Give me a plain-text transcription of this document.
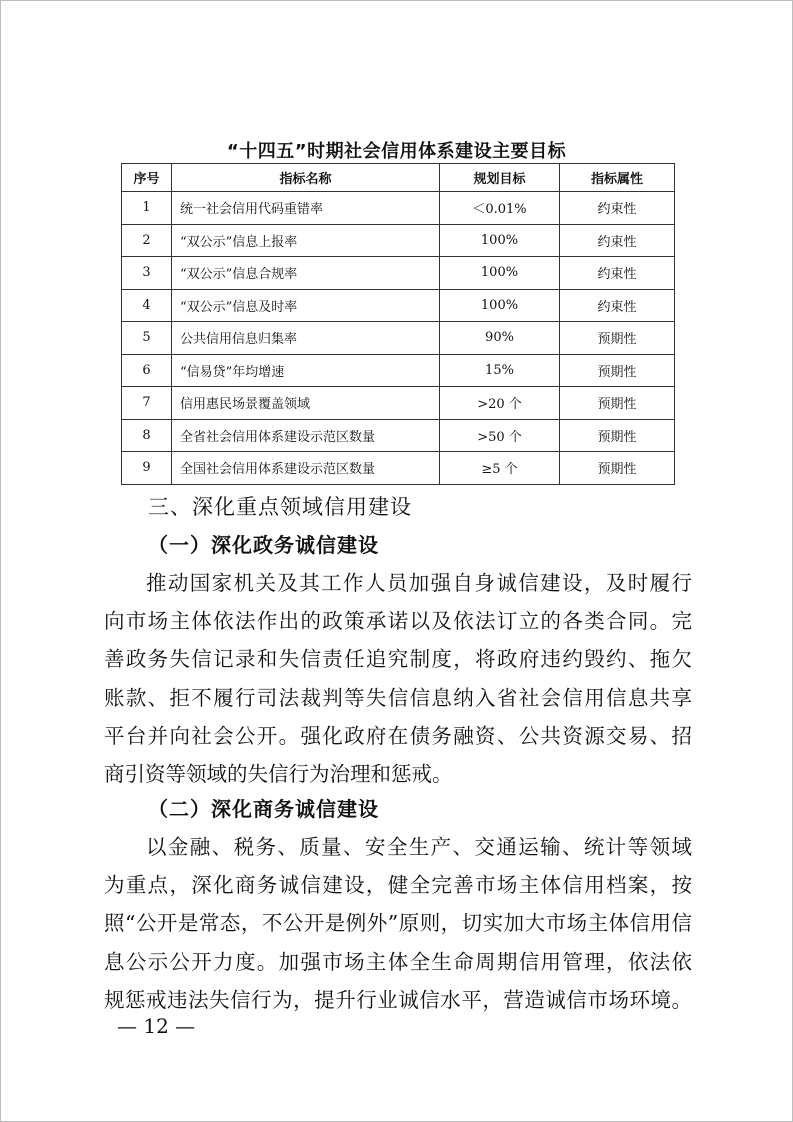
“十四五”时期社会信用体系建设主要目标
序号	指标名称	规划目标	指标属性
1	统一社会信用代码重错率	＜0.01%	约束性
2	“双公示”信息上报率	100%	约束性
3	“双公示”信息合规率	100%	约束性
4	“双公示”信息及时率	100%	约束性
5	公共信用信息归集率	90%	预期性
6	“信易贷”年均增速	15%	预期性
7	信用惠民场景覆盖领域	>20 个	预期性
8	全省社会信用体系建设示范区数量	>50 个	预期性
9	全国社会信用体系建设示范区数量	≥5 个	预期性
三、深化重点领域信用建设
（一）深化政务诚信建设
推动国家机关及其工作人员加强自身诚信建设，及时履行
向市场主体依法作出的政策承诺以及依法订立的各类合同。完
善政务失信记录和失信责任追究制度，将政府违约毁约、拖欠
账款、拒不履行司法裁判等失信信息纳入省社会信用信息共享
平台并向社会公开。强化政府在债务融资、公共资源交易、招
商引资等领域的失信行为治理和惩戒。
（二）深化商务诚信建设
以金融、税务、质量、安全生产、交通运输、统计等领域
为重点，深化商务诚信建设，健全完善市场主体信用档案，按
照“公开是常态，不公开是例外”原则，切实加大市场主体信用信
息公示公开力度。加强市场主体全生命周期信用管理，依法依
规惩戒违法失信行为，提升行业诚信水平，营造诚信市场环境。
— 12 —
